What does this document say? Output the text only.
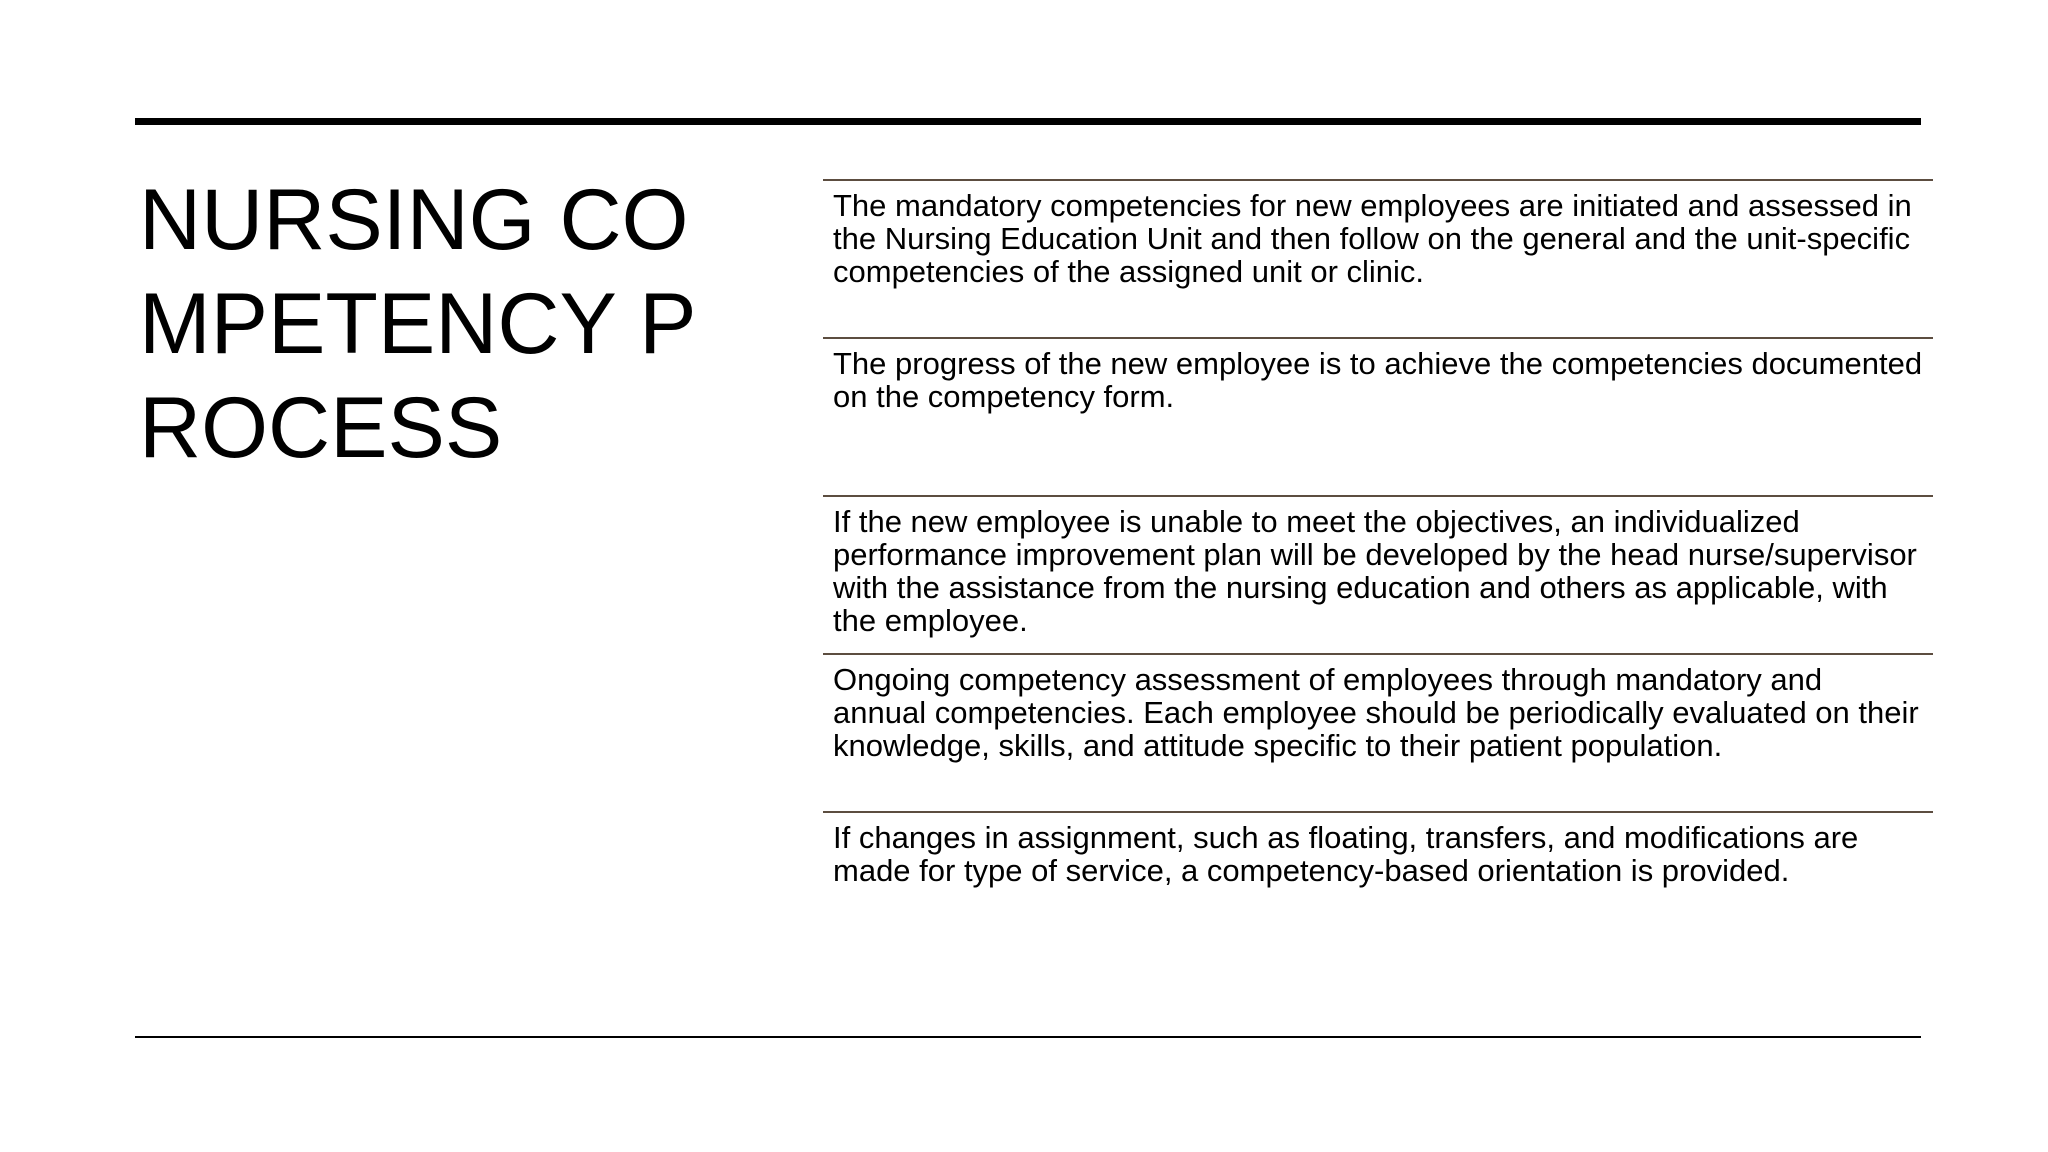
NURSING COMPETENCY PROCESS

The mandatory competencies for new employees are initiated and assessed in the Nursing Education Unit and then follow on the general and the unit-specific competencies of the assigned unit or clinic.

The progress of the new employee is to achieve the competencies documented on the competency form.

If the new employee is unable to meet the objectives, an individualized performance improvement plan will be developed by the head nurse/supervisor with the assistance from the nursing education and others as applicable, with the employee.

Ongoing competency assessment of employees through mandatory and annual competencies. Each employee should be periodically evaluated on their knowledge, skills, and attitude specific to their patient population.

If changes in assignment, such as floating, transfers, and modifications are made for type of service, a competency-based orientation is provided.
